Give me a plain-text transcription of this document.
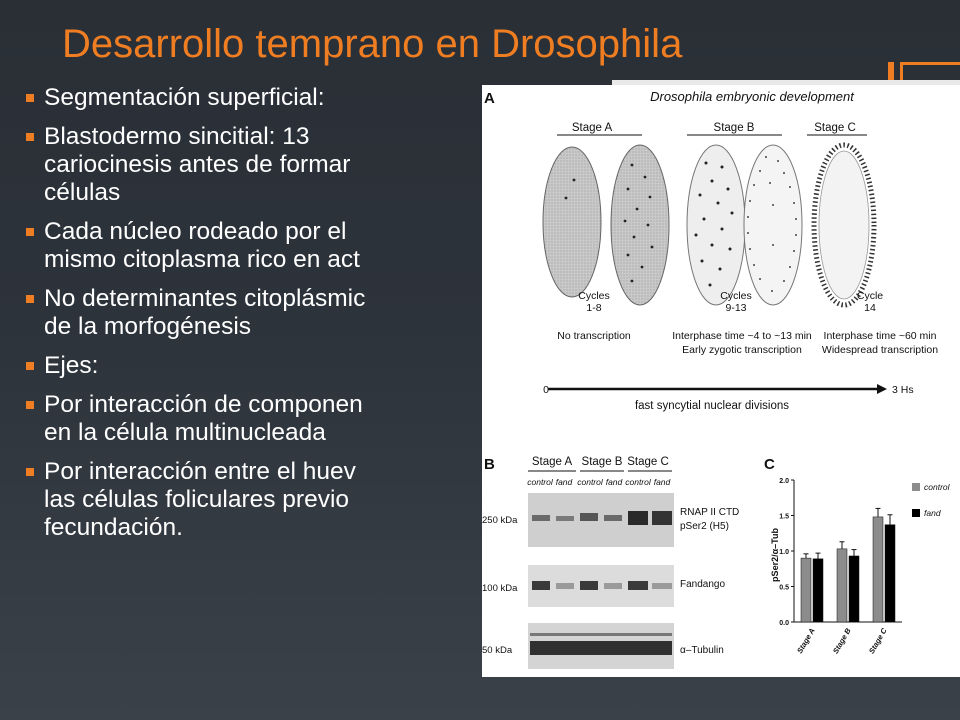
Desarrollo temprano en Drosophila
Segmentación superficial:
Blastodermo sincitial: 13
cariocinesis antes de formar
células
Cada núcleo rodeado por el
mismo citoplasma rico en act
No determinantes citoplásmic
de la morfogénesis
Ejes:
Por interacción de componen
en la célula multinucleada
Por interacción entre el huev
las células foliculares previo
fecundación.
A	Drosophila embryonic development
Stage A	Stage B	Stage C
Cycles
1-8
No transcription
Cycles
9-13
Interphase time ~4 to ~13 min
Early zygotic transcription
Cycle
14
Interphase time ~60 min
Widespread transcription
0	3 Hs
fast syncytial nuclear divisions
B	Stage A Stage B Stage C
control fand control fand control fand
250 kDa
RNAP II CTD
pSer2 (H5)
100 kDa	Fandango
50 kDa	α–Tubulin
C
pSer2/α–Tub
0.0
0.5
1.0
1.5
2.0
Stage A Stage B Stage C
control
fand
